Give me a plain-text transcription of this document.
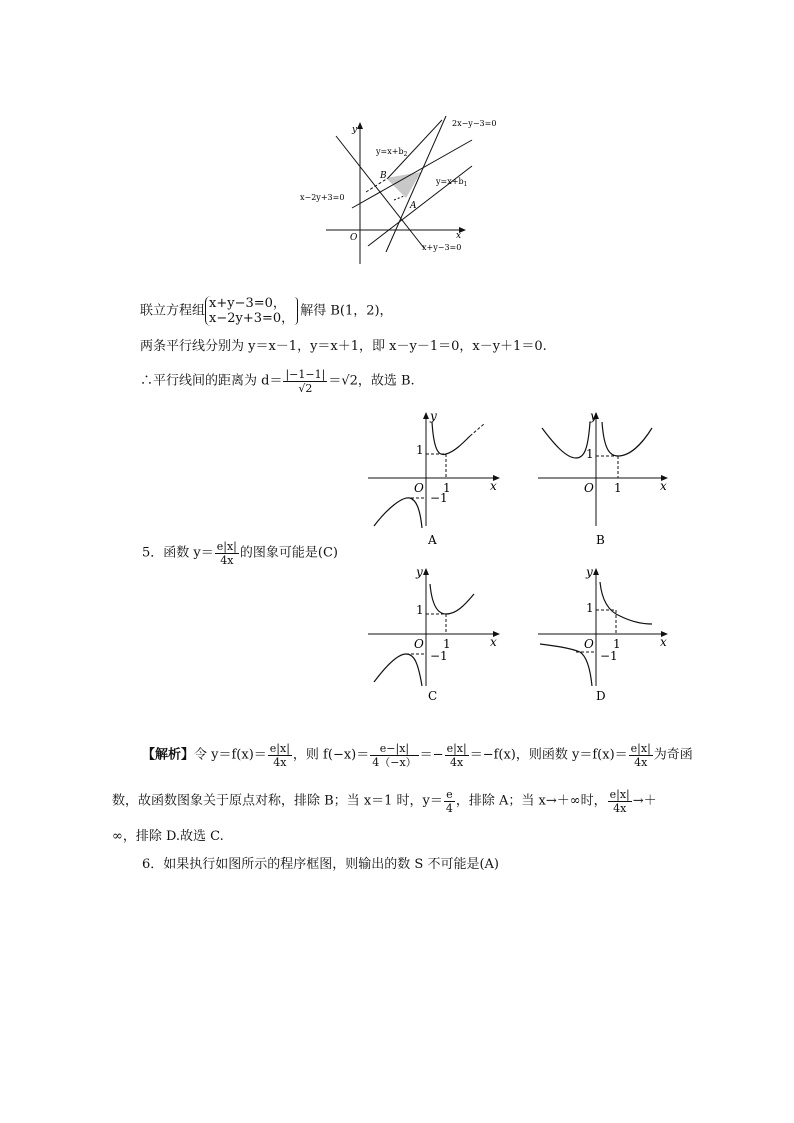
y
x
O
2x−y−3=0
$y=x+b_2$
$y=x+b_1$
x−2y+3=0
x+y−3=0
B
A
联立方程组 x+y−3=0，
x−2y+3=0， 解得 B(1，2)，
两条平行线分别为 y＝x－1，y＝x＋1，即 x－y－1＝0，x－y＋1＝0.
∴平行线间的距离为 $d= \frac{|-1-1|}{√2} =√2$，故选 B.
5．函数 $y= \frac{e|x|}{4x}$ 的图象可能是(C)
y
x
O
1
1
−1
A
y
x
O
1
1
B
y
x
O
1
1
−1
C
y
x
O
1
1
−1
D
【解析】令 $y=f(x)= \frac{e|x|}{4x}$ ，则 $f(-x)= \frac{e-|x|}{4(-x)} =- \frac{e|x|}{4x} =-f(x)$，则函数 $y=f(x)= \frac{e|x|}{4x}$ 为奇函
数，故函数图象关于原点对称，排除 B；当 x＝1 时，$y= \frac{e}{4}$ ，排除 A；当 x→＋∞时， $\frac{e|x|}{4x}$ →＋
∞，排除 D.故选 C.
6．如果执行如图所示的程序框图，则输出的数 S 不可能是(A)
